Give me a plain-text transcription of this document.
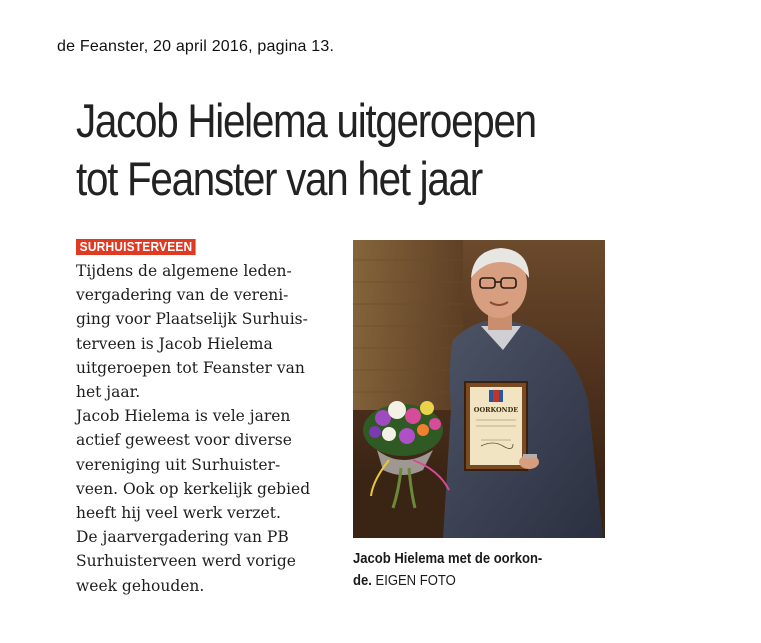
de Feanster, 20 april 2016, pagina 13.
Jacob Hielema uitgeroepen
tot Feanster van het jaar
SURHUISTERVEEN
Tijdens de algemene leden-
vergadering van de vereni-
ging voor Plaatselijk Surhuis-
terveen is Jacob Hielema
uitgeroepen tot Feanster van
het jaar.
Jacob Hielema is vele jaren
actief geweest voor diverse
vereniging uit Surhuister-
veen. Ook op kerkelijk gebied
heeft hij veel werk verzet.
De jaarvergadering van PB
Surhuisterveen werd vorige
week gehouden.
OORKONDE
Jacob Hielema met de oorkon-
de. EIGEN FOTO
